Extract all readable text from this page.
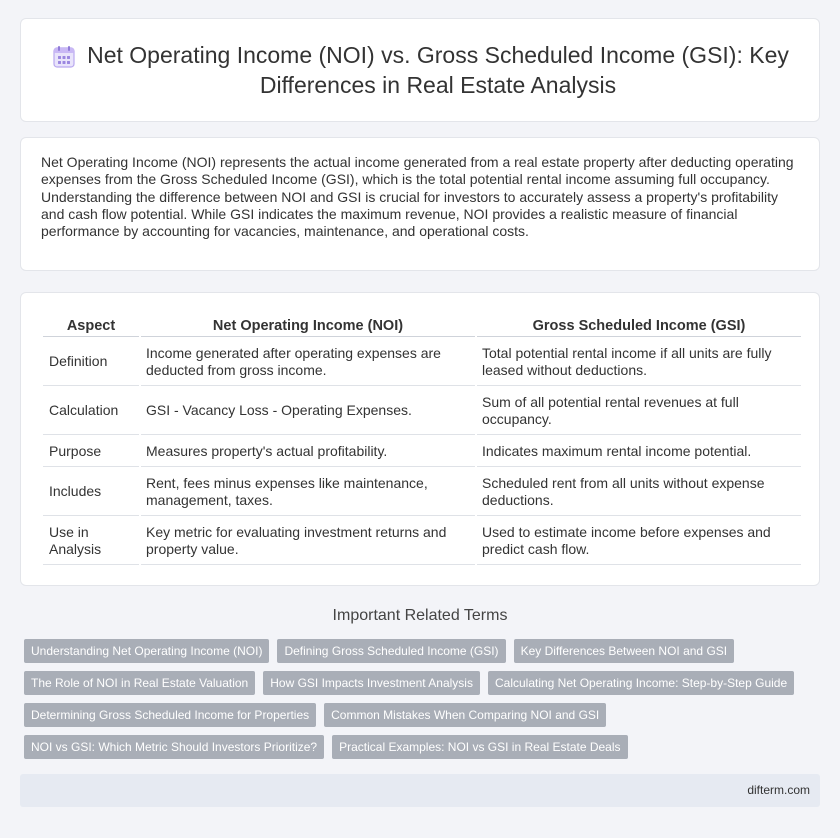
Net Operating Income (NOI) vs. Gross Scheduled Income (GSI): Key Differences in Real Estate Analysis

Net Operating Income (NOI) represents the actual income generated from a real estate property after deducting operating expenses from the Gross Scheduled Income (GSI), which is the total potential rental income assuming full occupancy. Understanding the difference between NOI and GSI is crucial for investors to accurately assess a property's profitability and cash flow potential. While GSI indicates the maximum revenue, NOI provides a realistic measure of financial performance by accounting for vacancies, maintenance, and operational costs.

Aspect	Net Operating Income (NOI)	Gross Scheduled Income (GSI)
Definition	Income generated after operating expenses are deducted from gross income.	Total potential rental income if all units are fully leased without deductions.
Calculation	GSI - Vacancy Loss - Operating Expenses.	Sum of all potential rental revenues at full occupancy.
Purpose	Measures property's actual profitability.	Indicates maximum rental income potential.
Includes	Rent, fees minus expenses like maintenance, management, taxes.	Scheduled rent from all units without expense deductions.
Use in Analysis	Key metric for evaluating investment returns and property value.	Used to estimate income before expenses and predict cash flow.
Important Related Terms
Understanding Net Operating Income (NOI)	Defining Gross Scheduled Income (GSI)	Key Differences Between NOI and GSI
The Role of NOI in Real Estate Valuation	How GSI Impacts Investment Analysis	Calculating Net Operating Income: Step-by-Step Guide
Determining Gross Scheduled Income for Properties	Common Mistakes When Comparing NOI and GSI
NOI vs GSI: Which Metric Should Investors Prioritize?	Practical Examples: NOI vs GSI in Real Estate Deals
difterm.com
